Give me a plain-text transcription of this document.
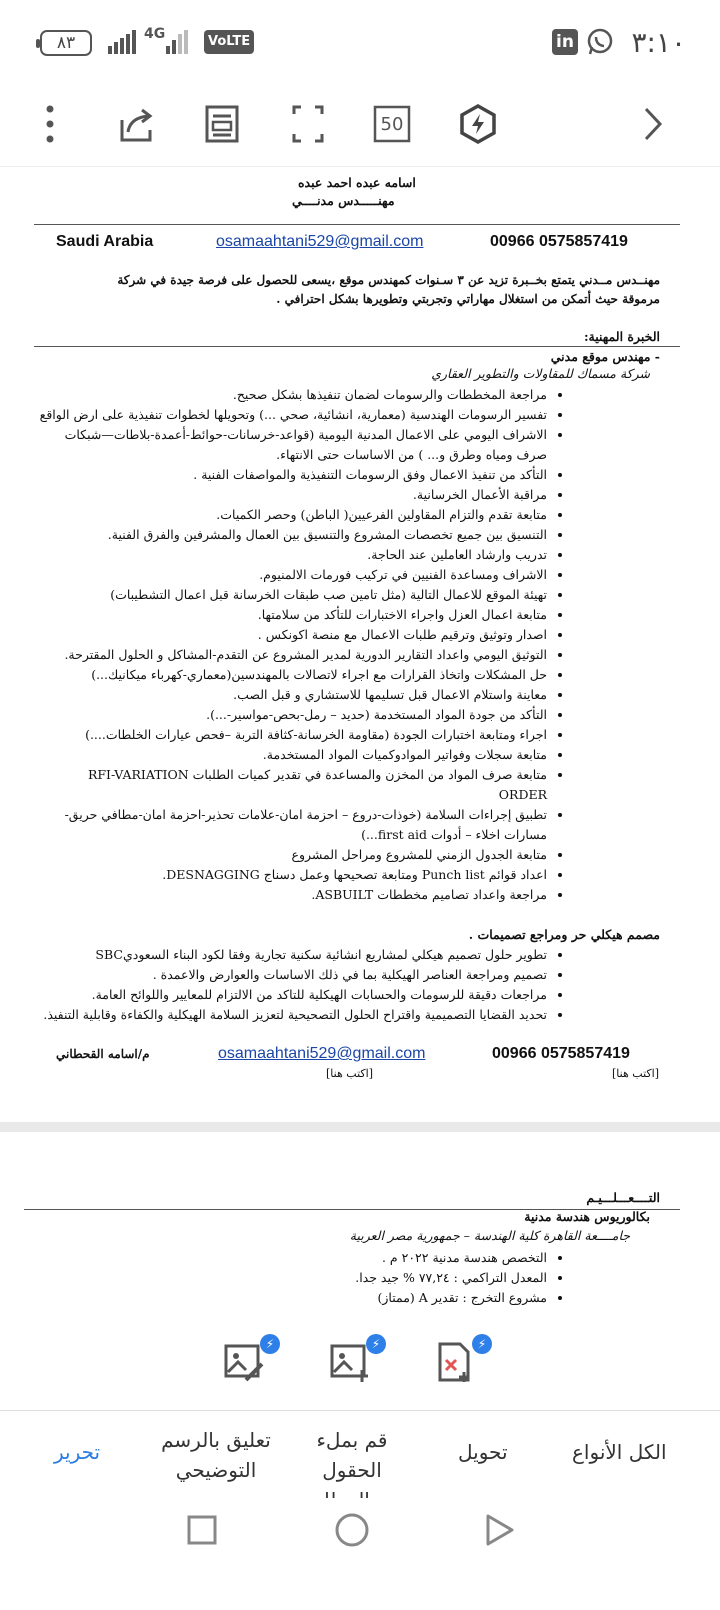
٨٣	4G	VoLTE	in ٣:١٠
50
اسامه عبده احمد عبده
مهنـــــدس مدنــــي
Saudi Arabia	osamaahtani529@gmail.com	00966 0575857419
مهنــدس مــدني يتمتع بخــبرة تزيد عن ٣ سـنوات كمهندس موقع ،يسعى للحصول على فرصة جيدة في شركة
مرموقة حيث أتمكن من استغلال مهاراتي وتجربتي وتطويرها بشكل احترافي .
الخبرة المهنية:
- مهندس موقع مدني
شركة مسماك للمقاولات والتطوير العقاري
• مراجعة المخططات والرسومات لضمان تنفيذها بشكل صحيح.
• تفسير الرسومات الهندسية (معمارية، انشائية، صحي ...) وتحويلها لخطوات تنفيذية على ارض الواقع
• الاشراف اليومي على الاعمال المدنية اليومية (قواعد-خرسانات-حوائط-أعمدة-بلاطات—شبكات
صرف ومياه وطرق و... ) من الاساسات حتى الانتهاء.
• التأكد من تنفيذ الاعمال وفق الرسومات التنفيذية والمواصفات الفنية .
• مراقبة الأعمال الخرسانية.
• متابعة تقدم والتزام المقاولين الفرعيين( الباطن) وحصر الكميات.
• التنسيق بين جميع تخصصات المشروع والتنسيق بين العمال والمشرفين والفرق الفنية.
• تدريب وارشاد العاملين عند الحاجة.
• الاشراف ومساعدة الفنيين في تركيب فورمات الالمنيوم.
• تهيئة الموقع للاعمال التالية (مثل تامين صب طبقات الخرسانة قبل اعمال التشطيبات)
• متابعة اعمال العزل واجراء الاختبارات للتأكد من سلامتها.
• اصدار وتوثيق وترقيم طلبات الاعمال مع منصة اكونكس .
• التوثيق اليومي واعداد التقارير الدورية لمدير المشروع عن التقدم-المشاكل و الحلول المقترحة.
• حل المشكلات واتخاذ القرارات مع اجراء لاتصالات بالمهندسين(معماري-كهرباء ميكانيك...)
• معاينة واستلام الاعمال قبل تسليمها للاستشاري و قبل الصب.
• التأكد من جودة المواد المستخدمة (حديد – رمل-بحص-مواسير-...).
• اجراء ومتابعة اختبارات الجودة (مقاومة الخرسانة-كثافة التربة –فحص عيارات الخلطات....)
• متابعة سجلات وفواتير الموادوكميات المواد المستخدمة.
• متابعة صرف المواد من المخزن والمساعدة في تقدير كميات الطلبات RFI-VARIATION
ORDER
• تطبيق إجراءات السلامة (خوذات-دروع – احزمة امان-علامات تحذير-احزمة امان-مطافي حريق-
مسارات اخلاء – أدوات first aid...)
• متابعة الجدول الزمني للمشروع ومراحل المشروع
• اعداد قوائم Punch list ومتابعة تصحيحها وعمل دسناج DESNAGGING.
• مراجعة واعداد تصاميم مخططات ASBUILT.
مصمم هيكلي حر ومراجع تصميمات .
• تطوير حلول تصميم هيكلي لمشاريع انشائية سكنية تجارية وفقا لكود البناء السعوديSBC
• تصميم ومراجعة العناصر الهيكلية بما في ذلك الاساسات والعوارض والاعمدة .
• مراجعات دقيقة للرسومات والحسابات الهيكلية للتاكد من الالتزام للمعايير واللوائح العامة.
• تحديد القضايا التصميمية واقتراح الحلول التصحيحية لتعزيز السلامة الهيكلية والكفاءة وقابلية التنفيذ.
م/اسامه القحطاني	osamaahtani529@gmail.com	00966 0575857419
[اكتب هنا]	[اكتب هنا]
التــــعـــلـــيـم
بكالوريوس هندسة مدنية
جامــــعة القاهرة كلية الهندسة – جمهورية مصر العربية
• التخصص هندسة مدنية ٢٠٢٢ م .
• المعدل التراكمي : ٧٧,٢٤ % جيد جدا.
• مشروع التخرج : تقدير A (ممتاز)
⚡	⚡	⚡
الكل الأنواع
تحويل
قم بملء
الحقول
تعليق بالرسم
التوضيحي
تحرير
